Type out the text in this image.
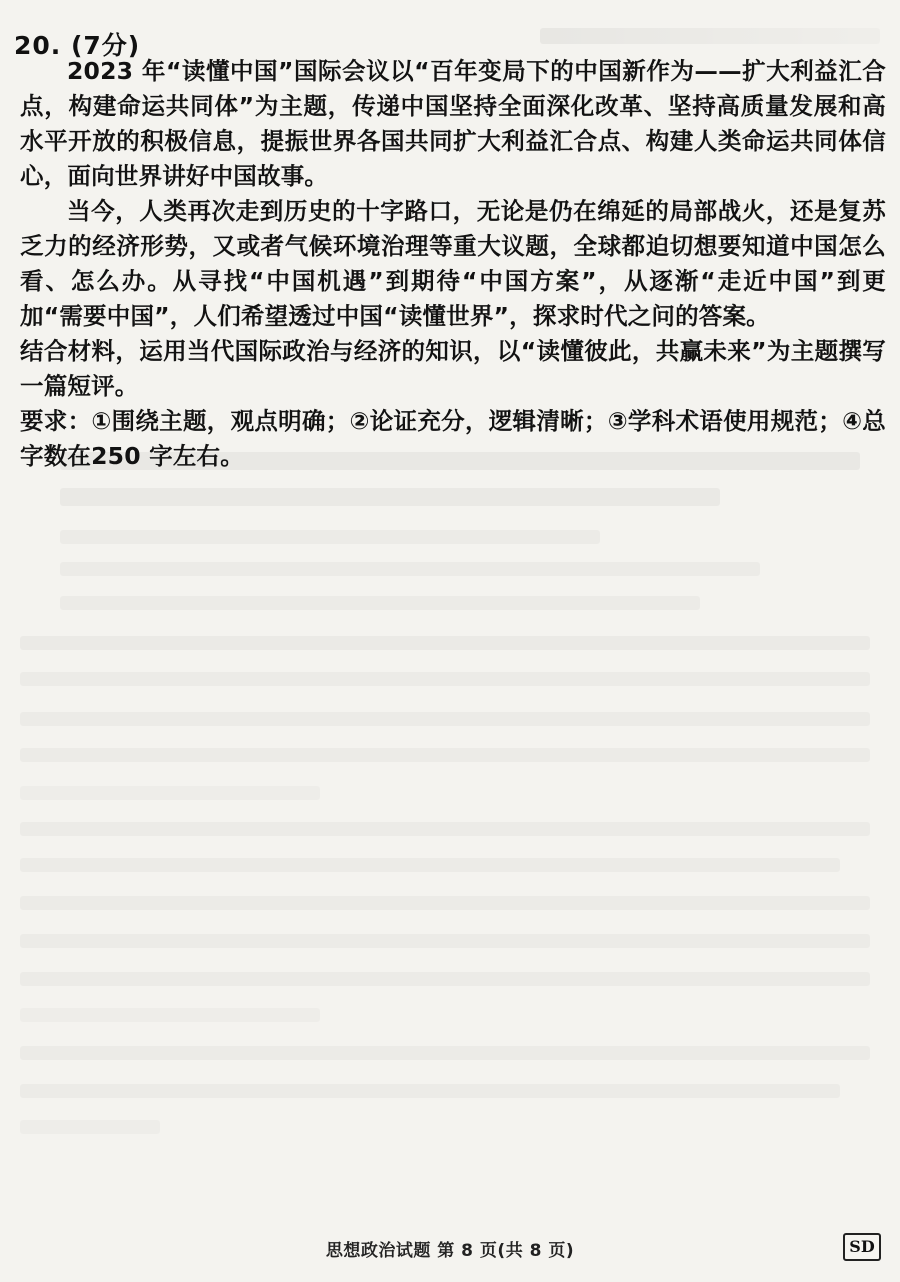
20. (7分)

2023 年“读懂中国”国际会议以“百年变局下的中国新作为——扩大利益汇合点，构建命运共同体”为主题，传递中国坚持全面深化改革、坚持高质量发展和高水平开放的积极信息，提振世界各国共同扩大利益汇合点、构建人类命运共同体信心，面向世界讲好中国故事。

当今，人类再次走到历史的十字路口，无论是仍在绵延的局部战火，还是复苏乏力的经济形势，又或者气候环境治理等重大议题，全球都迫切想要知道中国怎么看、怎么办。从寻找“中国机遇”到期待“中国方案”，从逐渐“走近中国”到更加“需要中国”，人们希望透过中国“读懂世界”，探求时代之问的答案。

结合材料，运用当代国际政治与经济的知识，以“读懂彼此，共赢未来”为主题撰写一篇短评。

要求：①围绕主题，观点明确；②论证充分，逻辑清晰；③学科术语使用规范；④总字数在250 字左右。

思想政治试题 第 8 页(共 8 页)	SD
